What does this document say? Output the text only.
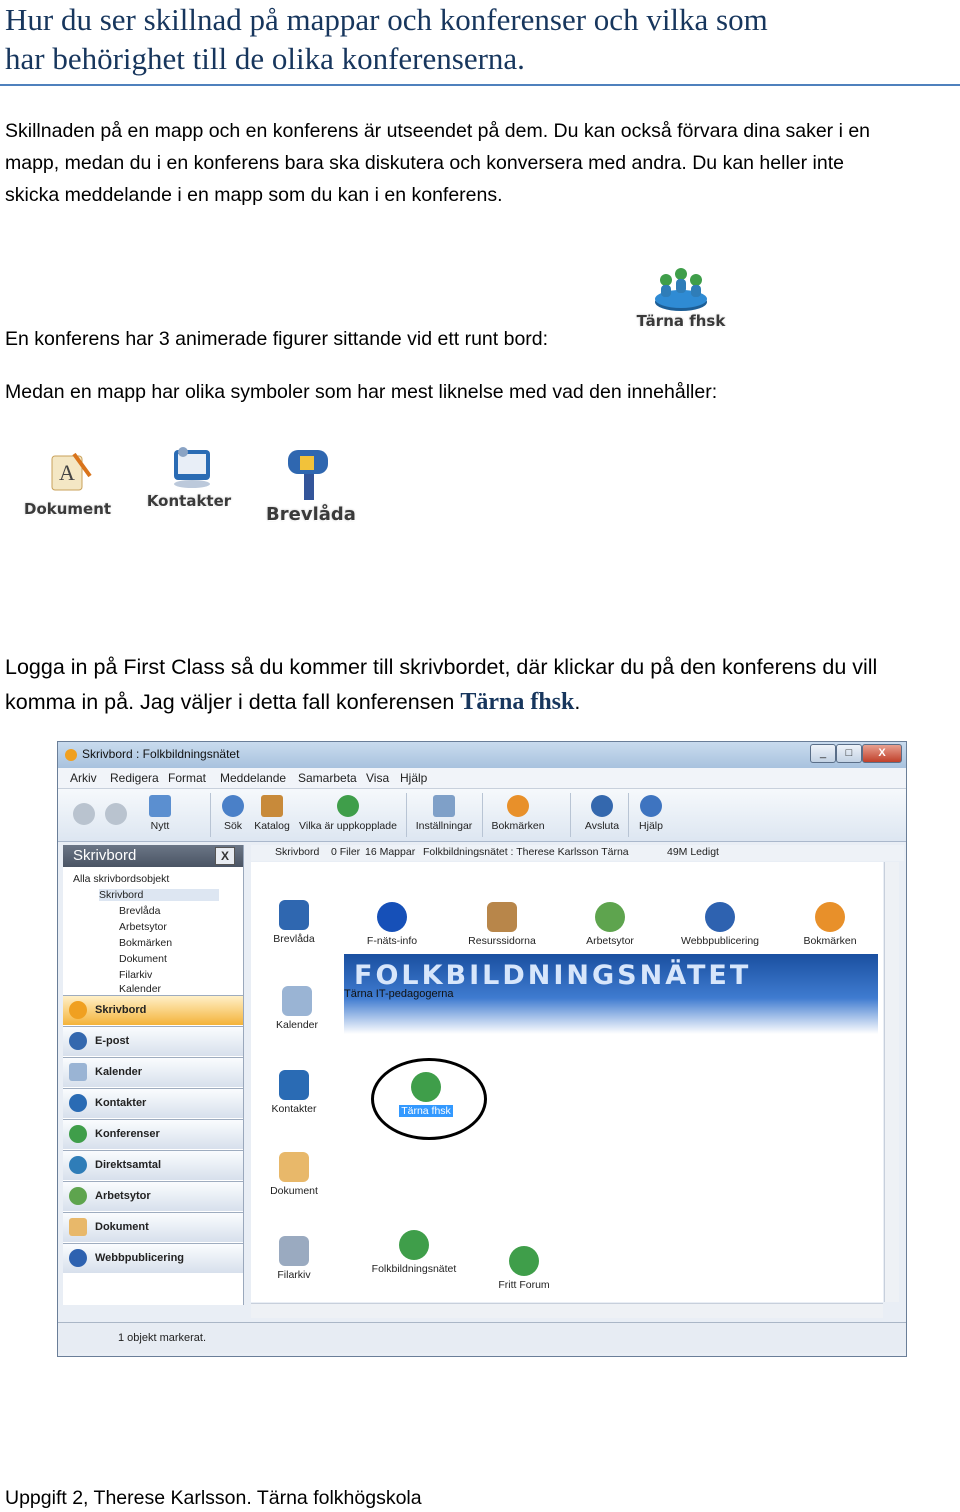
Hur du ser skillnad på mappar och konferenser och vilka som
har behörighet till de olika konferenserna.
Skillnaden på en mapp och en konferens är utseendet på dem. Du kan också förvara dina saker i en
mapp, medan du i en konferens bara ska diskutera och konversera med andra. Du kan heller inte
skicka meddelande i en mapp som du kan i en konferens.
Tärna fhsk
En konferens har 3 animerade figurer sittande vid ett runt bord:
Medan en mapp har olika symboler som har mest liknelse med vad den innehåller:
A
Dokument Kontakter
Brevlåda
Logga in på First Class så du kommer till skrivbordet, där klickar du på den konferens du vill
komma in på. Jag väljer i detta fall konferensen Tärna fhsk.
Skrivbord : Folkbildningsnätet	_	□	X
Arkiv Redigera Format Meddelande Samarbeta Visa Hjälp
Nytt	Sök	Katalog Vilka är uppkopplade	Inställningar	Bokmärken	Avsluta	Hjälp
Skrivbord	X
Alla skrivbordsobjekt
Skrivbord
Brevlåda
Arbetsytor
Bokmärken
Dokument
Filarkiv
Kalender
Skrivbord
E-post
Kalender
Kontakter
Konferenser
Direktsamtal
Arbetsytor
Dokument
Webbpublicering
Skrivbord 0 Filer 16 Mappar Folkbildningsnätet : Therese Karlsson Tärna	49M Ledigt
Brevlåda	F-näts-info	Resurssidorna	Arbetsytor	Webbpublicering	Bokmärken
FOLKBILDNINGSNÄTET
Tärna IT-pedagogerna
Kalender
Tärna fhsk
Kontakter
Dokument
Filarkiv	Folkbildningsnätet
Fritt Forum
1 objekt markerat.
Uppgift 2, Therese Karlsson. Tärna folkhögskola
